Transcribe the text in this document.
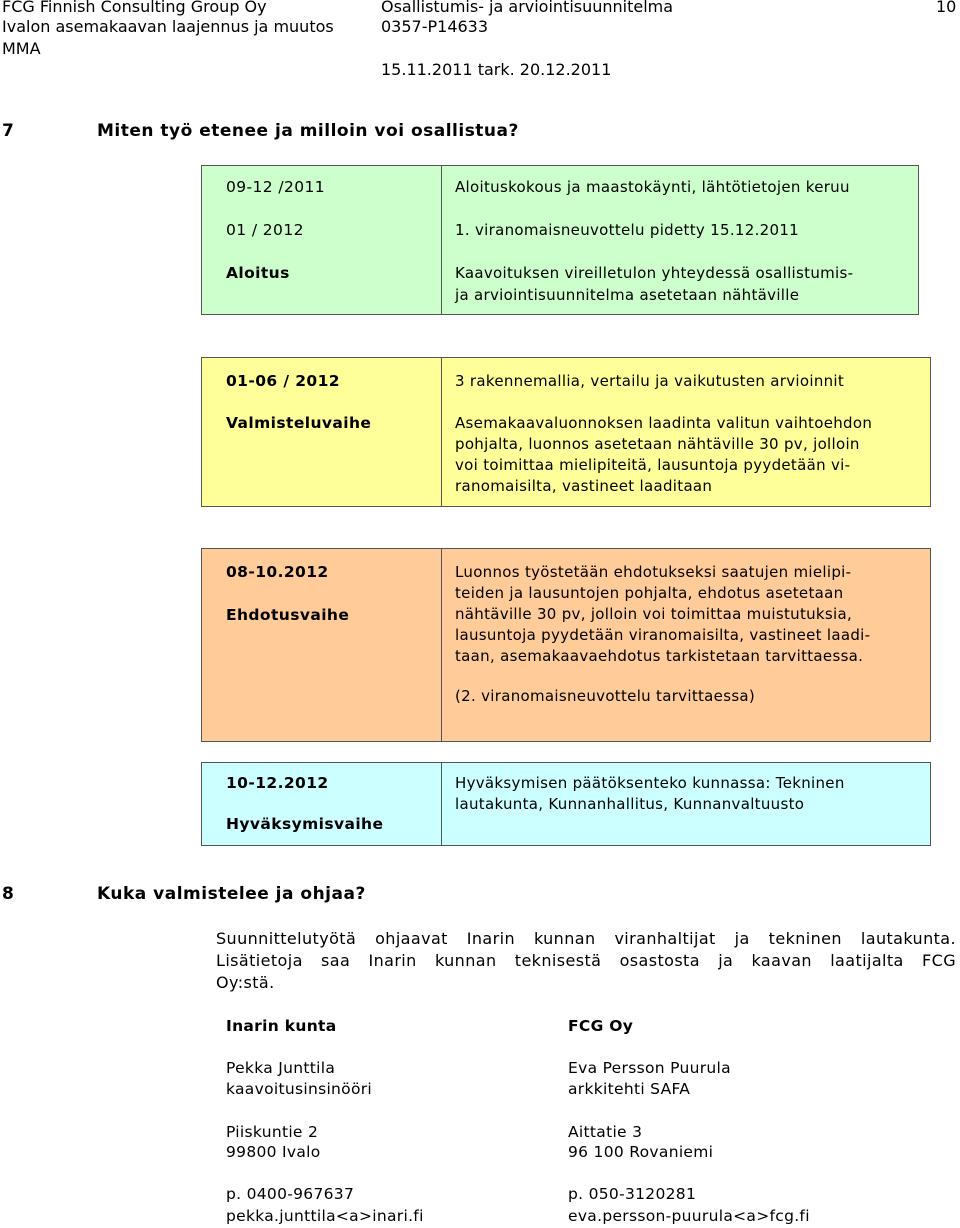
FCG Finnish Consulting Group Oy
Ivalon asemakaavan laajennus ja muutos
MMA
Osallistumis- ja arviointisuunnitelma
0357-P14633
15.11.2011 tark. 20.12.2011
10
7	Miten työ etenee ja milloin voi osallistua?
09-12 /2011
01 / 2012
Aloitus
Aloituskokous ja maastokäynti, lähtötietojen keruu
1. viranomaisneuvottelu pidetty 15.12.2011
Kaavoituksen vireilletulon yhteydessä osallistumis-
ja arviointisuunnitelma asetetaan nähtäville
01-06 / 2012
Valmisteluvaihe
3 rakennemallia, vertailu ja vaikutusten arvioinnit
Asemakaavaluonnoksen laadinta valitun vaihtoehdon
pohjalta, luonnos asetetaan nähtäville 30 pv, jolloin
voi toimittaa mielipiteitä, lausuntoja pyydetään vi-
ranomaisilta, vastineet laaditaan
08-10.2012
Ehdotusvaihe
Luonnos työstetään ehdotukseksi saatujen mielipi-
teiden ja lausuntojen pohjalta, ehdotus asetetaan
nähtäville 30 pv, jolloin voi toimittaa muistutuksia,
lausuntoja pyydetään viranomaisilta, vastineet laadi-
taan, asemakaavaehdotus tarkistetaan tarvittaessa.
(2. viranomaisneuvottelu tarvittaessa)
10-12.2012
Hyväksymisvaihe
Hyväksymisen päätöksenteko kunnassa: Tekninen
lautakunta, Kunnanhallitus, Kunnanvaltuusto
8	Kuka valmistelee ja ohjaa?
Suunnittelutyötä ohjaavat Inarin kunnan viranhaltijat ja tekninen lautakunta.
Lisätietoja saa Inarin kunnan teknisestä osastosta ja kaavan laatijalta FCG
Oy:stä.
Inarin kunta
Pekka Junttila
kaavoitusinsinööri
Piiskuntie 2
99800 Ivalo
p. 0400-967637
pekka.junttila<a>inari.fi
FCG Oy
Eva Persson Puurula
arkkitehti SAFA
Aittatie 3
96 100 Rovaniemi
p. 050-3120281
eva.persson-puurula<a>fcg.fi
